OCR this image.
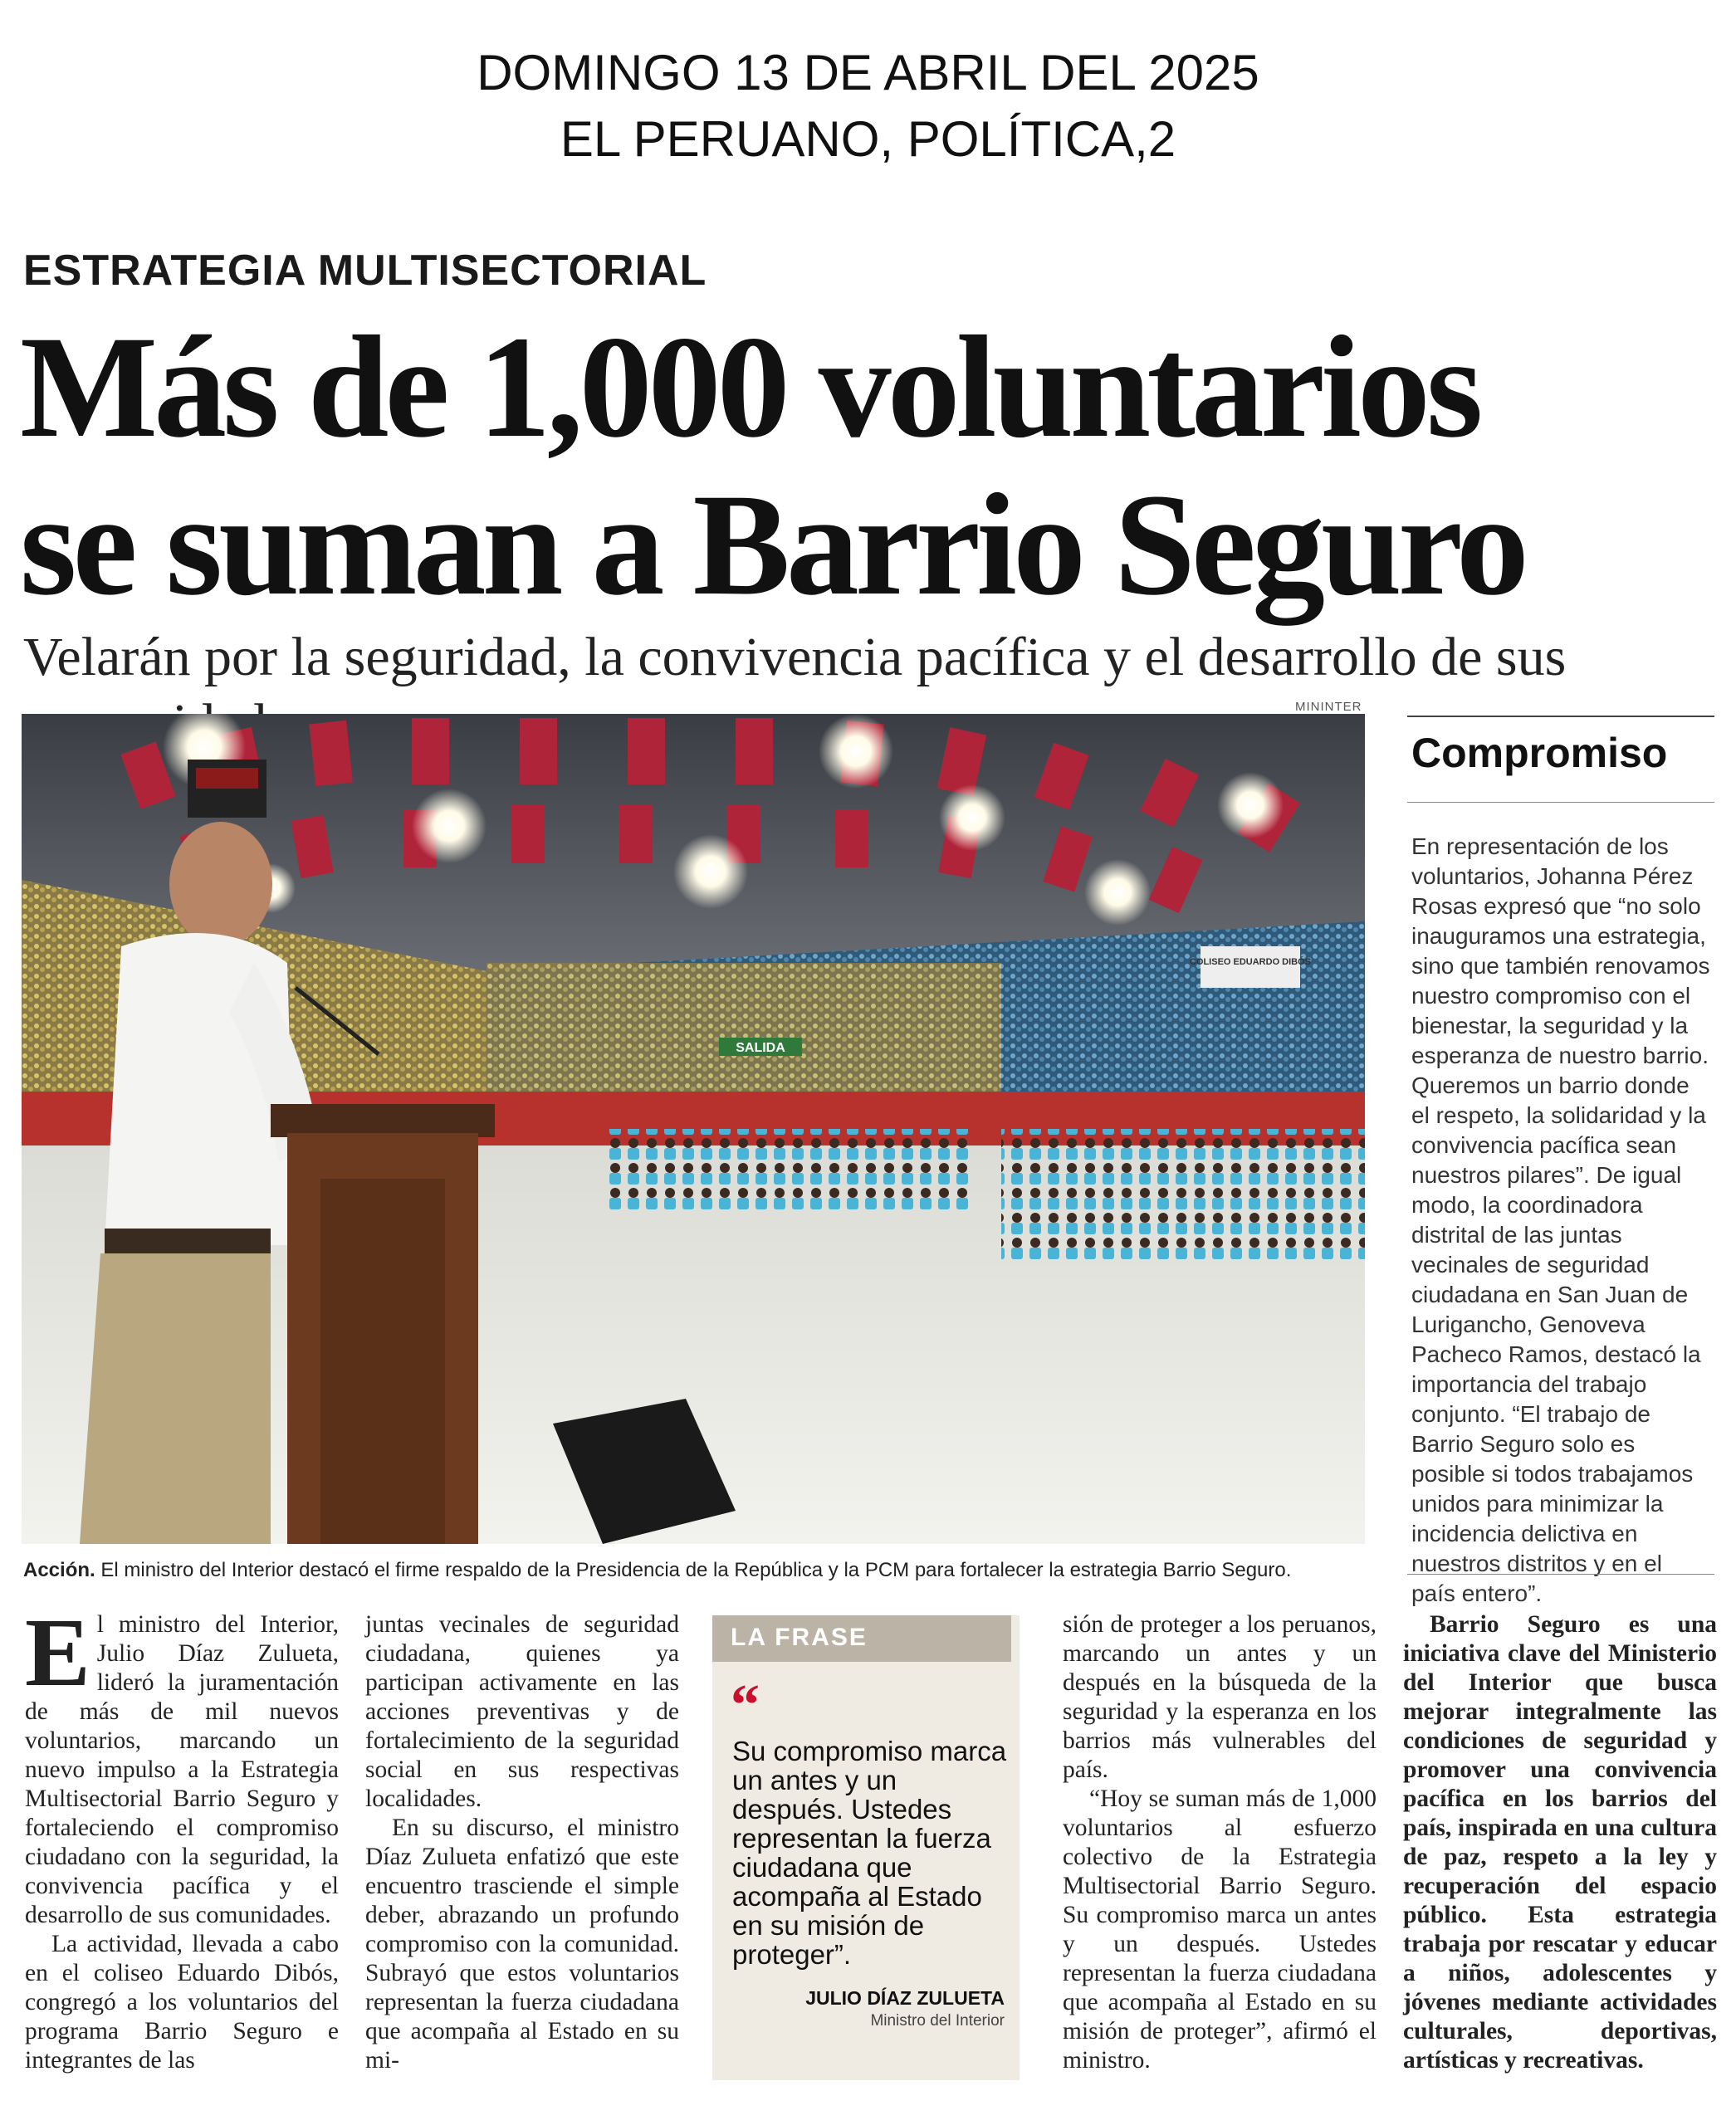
DOMINGO 13 DE ABRIL DEL 2025
EL PERUANO, POLÍTICA,2
ESTRATEGIA MULTISECTORIAL
Más de 1,000 voluntarios
se suman a Barrio Seguro
Velarán por la seguridad, la convivencia pacífica y el desarrollo de sus
MININTER
SALIDA
COLISEO EDUARDO DIBÓS
Acción. El ministro del Interior destacó el firme respaldo de la Presidencia de la República y la PCM para fortalecer la estrategia Barrio Seguro.
Compromiso
En representación de los voluntarios, Johanna Pérez Rosas expresó que “no solo inauguramos una estrategia, sino que también renovamos nuestro compromiso con el bienestar, la seguridad y la esperanza de nuestro barrio. Queremos un barrio donde el respeto, la solidaridad y la convivencia pacífica sean nuestros pilares”. De igual modo, la coordinadora distrital de las juntas vecinales de seguridad ciudadana en San Juan de Lurigancho, Genoveva Pacheco Ramos, destacó la importancia del trabajo conjunto. “El trabajo de Barrio Seguro solo es posible si todos trabajamos unidos para minimizar la incidencia delictiva en nuestros distritos y en el país entero”.

El ministro del Interior, Julio Díaz Zulueta, lideró la juramentación de más de mil nuevos voluntarios, marcando un nuevo impulso a la Estrategia Multisectorial Barrio Seguro y fortaleciendo el compromiso ciudadano con la seguridad, la convivencia pacífica y el desarrollo de sus comunidades.

La actividad, llevada a cabo en el coliseo Eduardo Dibós, congregó a los voluntarios del programa Barrio Seguro e integrantes de las

juntas vecinales de seguridad ciudadana, quienes ya participan activamente en las acciones preventivas y de fortalecimiento de la seguridad social en sus respectivas localidades.

En su discurso, el ministro Díaz Zulueta enfatizó que este encuentro trasciende el simple deber, abrazando un profundo compromiso con la comunidad. Subrayó que estos voluntarios representan la fuerza ciudadana que acompaña al Estado en su mi-

LA FRASE
“
Su compromiso marca un antes y un después. Ustedes representan la fuerza ciudadana que acompaña al Estado en su misión de proteger”.
JULIO DÍAZ ZULUETA
Ministro del Interior

sión de proteger a los peruanos, marcando un antes y un después en la búsqueda de la seguridad y la esperanza en los barrios más vulnerables del país.

“Hoy se suman más de 1,000 voluntarios al esfuerzo colectivo de la Estrategia Multisectorial Barrio Seguro. Su compromiso marca un antes y un después. Ustedes representan la fuerza ciudadana que acompaña al Estado en su misión de proteger”, afirmó el ministro.

Barrio Seguro es una iniciativa clave del Ministerio del Interior que busca mejorar integralmente las condiciones de seguridad y promover una convivencia pacífica en los barrios del país, inspirada en una cultura de paz, respeto a la ley y recuperación del espacio público. Esta estrategia trabaja por rescatar y educar a niños, adolescentes y jóvenes mediante actividades culturales, deportivas, artísticas y recreativas.
